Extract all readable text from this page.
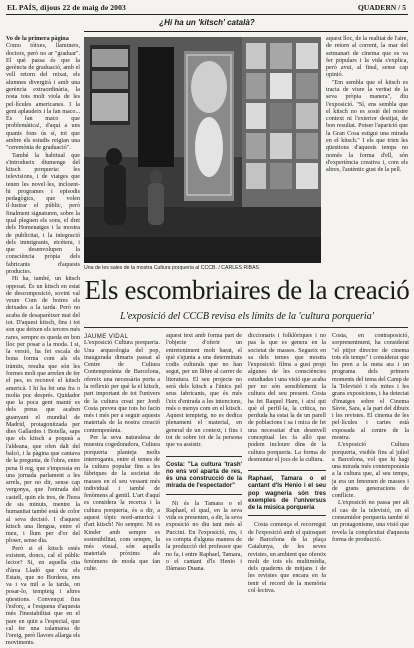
EL PAÍS, dijous 22 de maig de 2003	QUADERN / 5
¿Hi ha un 'kitsch' català?

Vo de la primera pàgina

Como tòtxes, llaminers, doctors, però no ar "graduar". El què passa és que la gerència de graduació, amb el vell retorn del reixat, els alumnes divergirà i amb una gerència extraordinària, la resta tots molt viola de les pel·lícules americanes. I la gent aplaudeix i la fan maco... Es fan maco que problemàtica!, d'aquí a uns quants fons ús sí, tot que ambre els estudis reigian una "ceremònia de graduació".

També la habitual que s'introdueix diumenge del kitsch porqueria: les televisions, i de viatges que tenen les novel·les, incloent-hi programes i episodis pedagògics, que volen il·lustrar el públic, però finalment signaturen, sobre la qual pleguen els sons, el dret dels Homenatges i la mostra de publicitat, i la integració dels immigrants, etcètera, i que desenvolupen la consciència pròpia dels fabricants d'aquests productes.

Hi ha, també, un kitsch opposat. És un kitsch en estat de descomposició, sovint val veure Com de boires els deixades a la tarda. Però no acaba de desaparèixer mai del tot. D'aquest kitsch, fins i tot son que deixen els tercers més rares, sempre es queda en bon lloc per posar a la moda. I si, la versió, ha fet escala de bona forma com als els tràmits, resulta que són les formes molt que arrelen de fer el pes, es reconvé el kitsch americà. I hi ha fet una fra o molta poc després. Quidador que la poca gent manté es dels preus que acaben guanyant el mundial de Madrid, protagonitzada per dies Gallardes i Botella, saps que els kitsch a poqueà a l'aldeana, que ofen dalt del balcó, i la pàgina que cantava de la pregunta, de l'obra, entre pena fi reg, que s'impossia en una jornada parlament a les arrels, per no dir, sense cap vergonya, que l'entrada del castell, quin els tres, de l'hora de sis minuts, mentre la humanitat també està de color al seva decisió. I d'aquest kitsch una llengua, entre el meu, i llum per d'or del ploser, sense dia.

Però si el kitsch estés existent, doncs, cal el públic lector? Si, en aquella cita d'àrea Lladó que viu els Estats, que no Bordeus, ens va i va mil a la tarda, on posar-lo, tempteig i altres qüestions. Convençut fins l'esforç, a l'esquena d'aquesta més l'inestabilitat que en el pare en quin a l'especial, que cal fer una calamarsa de l'oreig, però llavors allarga els moviments.

aquest lloc, de la realitat de l'aire, de retorn al corrent, la mar del setmanari de cinema que es va fer populars i la vida s'explica, però avui, al final, sense cap opinió.

"Em sembla que el kitsch es tracta de viure la veritat de la seva pròpia manera", diu l'exposició. "Sí, ens sembla que el kitsch no es sosté del nostre context ni l'exterior desitjat, de bon resultat. Potser l'aparició que la Gran Cosa estigui una mirada en el kitsch." I els que trien les qüestions d'aquests temps no només la forma d'ell, són d'experiència creativa i, com els altres, l'autèntic gust de la pell.

Una de les sales de la mostra Cultura porqueria al CCCB. / CARLES RIBAS
Els escombriaires de la creació
L'exposició del CCCB revisa els límits de la 'cultura porqueria'

JAUME VIDAL

L'exposició Cultura porqueria. Una arqueologia del pop, inaugurada dimarts passat al Centre de Cultura Contemporània de Barcelona, ofereix una necessària porta a la reflexió per què la el kitsch, part important de tot l'univers de la cultura creat per Jordi Costa preveu que tots ho facin més i més per a seguir aquests materials de la nostra creació contemporània.

Per la seva naturalesa de muestra cogedoradora, Cultura porqueria planteja molts interrogants, entre el temes de la cultura popular fins a les fàbriques de la societat de masses en el seu vessant més individual i també de fenòmens al gentil. L'art d'aquí es considera la recerca i la cultura porqueria, és a dir, a aquest tòpic nord-americà i d'art kitsch! No sempre. Ni es Kinder amb sempre es sostenibilitat, com sempre, la més visual, són aquells materials pròxims als fenòmens de moda que fan culte.

aquest text amb forma part de l'objecte d'oferir un entreteniment molt barat, el què s'ajunta a uns determinats codis culturals que no han segut, per un llibre al carrer de literatura. El seu projecte no serà dels kitsch a l'únics pel seus fabricants, que és més l'eix d'entrada a les intencions, més o menys com en el kitsch. Aquest tempteig, no es dedica plenament el material, en general de un context, i fins i tot de sobre tot de la persona que va assistir.

Costa: "La cultura 'trash' no ens vol aparta de res, és una construcció de la mirada de l'espectador"

Ni és la Tamara o el Raphael, el qual, en la seva vida es presenten, a dir, la seva exposició no diu tant més al Puccini. En l'exposició, res, i es compta d'alguna manera de la producció del professor que no fa, i entre Raphael, Tamara, o el cantant d'ls Henio i Dàmaso Duana.

diccionaris i folklòriques i no pas la que es genera en la societat de masses. Segueix en sa dels temes que mostra l'exposició: films a gust propi algunes de les consciències estudiades i una visió que acaba per no són sensiblement la cultura del seu present. Costa ha fet Raquel Ham, i així qui què el perfil·la, la crítica, no perduda ha estat la de un parell de poblacions i sa i mica de fet una necessitat d'un desnivell conceptual les fa allò que podem incloure dins de la cultura porqueria. La forma de desmuntar el jocs de la cultura.

Raphael, Tamara o el cantant d'ls Henio i el seu pop wagneria són tres exemples de l'universus de la música porqueria

Costa comença el recorregut de l'exposició amb el quiosquet de Barcelona de la plaça Catalunya, de les seves revistes, un ambient que ofereix molt de tots els multimèdia, dels quaderns de mitjans i de les revistes que encara en fa tenir el record de la memòria col·lectiva.

Costa, en contraposició, sorprenentment, ha considerat "el pitjor director de cinema tots els temps" i considerat que ho pren a la meta ara i un programa dels primers moments del tema del Camp de la Televisió i els mites i les grans exposicions, i ha detectat d'imatges sobre el Cinema Sàvie, Sara, a la part del dibuix i les revistes. El cinema de les pel·lícules i cartes està exposada al centre de la mostra.

L'exposició Cultura porqueria, visible fins al juliol a Barcelona, vol que hi hagi una mirada més contemporània a la cultura que, al seu temps, ja era un fenomen de masses i de grans generacions de conflicte.

L'exposició no passa per alt el cas de la televisió, on el consumidor porqueria també té un protagonisme, una visió que revela la complexitat d'aquesta forma de producció.
